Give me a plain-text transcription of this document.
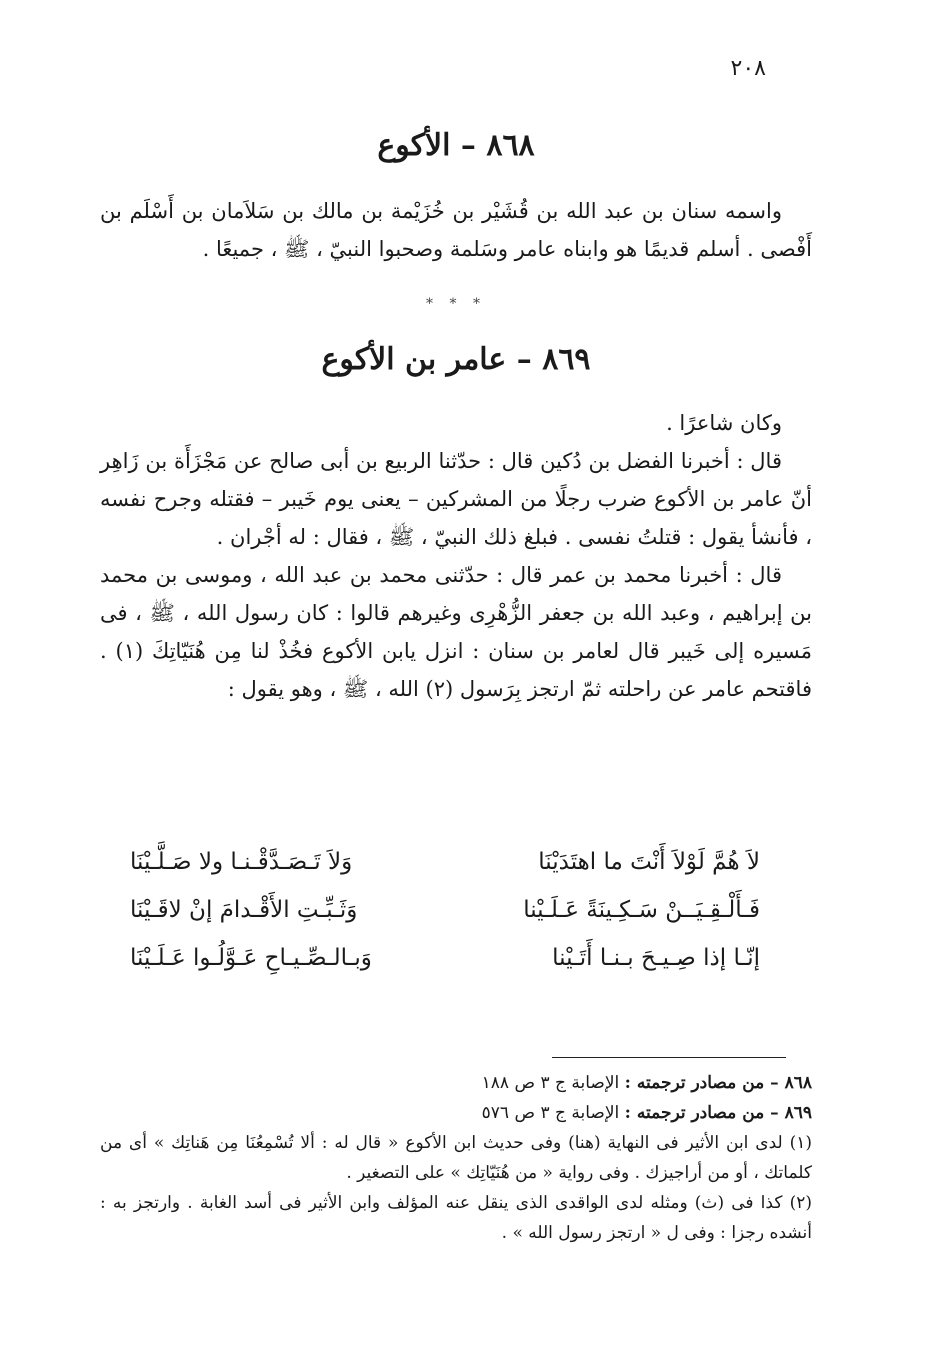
٢٠٨
٨٦٨ – الأكوع

واسمه سنان بن عبد الله بن قُشَيْر بن خُزَيْمة بن مالك بن سَلاَمان بن أَسْلَم بن أَفْصى . أسلم قديمًا هو وابناه عامر وسَلمة وصحبوا النبيّ ، ﷺ ، جميعًا .

* * *
٨٦٩ – عامر بن الأكوع

وكان شاعرًا .

قال : أخبرنا الفضل بن دُكين قال : حدّثنا الربيع بن أبى صالح عن مَجْزَأَة بن زَاهِر أنّ عامر بن الأكوع ضرب رجلًا من المشركين – يعنى يوم خَيبر – فقتله وجرح نفسه ، فأنشأ يقول : قتلتُ نفسى . فبلغ ذلك النبيّ ، ﷺ ، فقال : له أجْران .

قال : أخبرنا محمد بن عمر قال : حدّثنى محمد بن عبد الله ، وموسى بن محمد بن إبراهيم ، وعبد الله بن جعفر الزُّهْرِى وغيرهم قالوا : كان رسول الله ، ﷺ ، فى مَسيره إلى خَيبر قال لعامر بن سنان : انزل يابن الأكوع فخُذْ لنا مِن هُنَيّاتِكَ (١) . فاقتحم عامر عن راحلته ثمّ ارتجز بِرَسول (٢) الله ، ﷺ ، وهو يقول :

لاَ هُمَّ لَوْلاَ أَنْتَ ما اهتَدَيْنَا
وَلاَ تَـصَـدَّقْـنـا ولا صَـلَّـيْنَا
فَـأَلْـقِـيَــنْ سَـكِـينَةً عَـلَـيْنا
وَثَـبِّـتِ الأَقْـدامَ إنْ لاقَـيْنَا
إنّـا إذا صِـيـحَ بـنـا أَتَـيْنا
وَبـالـصِّـيـاحِ عَـوَّلُـوا عَـلَـيْنَا

٨٦٨ – من مصادر ترجمته : الإصابة ج ٣ ص ١٨٨

٨٦٩ – من مصادر ترجمته : الإصابة ج ٣ ص ٥٧٦

(١) لدى ابن الأثير فى النهاية (هنا) وفى حديث ابن الأكوع « قال له : ألا تُسْمِعُنَا مِن هَناتِك » أى من كلماتك ، أو من أراجيزك . وفى رواية « من هُنَيّاتِك » على التصغير .

(٢) كذا فى (ث) ومثله لدى الواقدى الذى ينقل عنه المؤلف وابن الأثير فى أسد الغابة . وارتجز به : أنشده رجزا : وفى ل « ارتجز رسول الله » .
